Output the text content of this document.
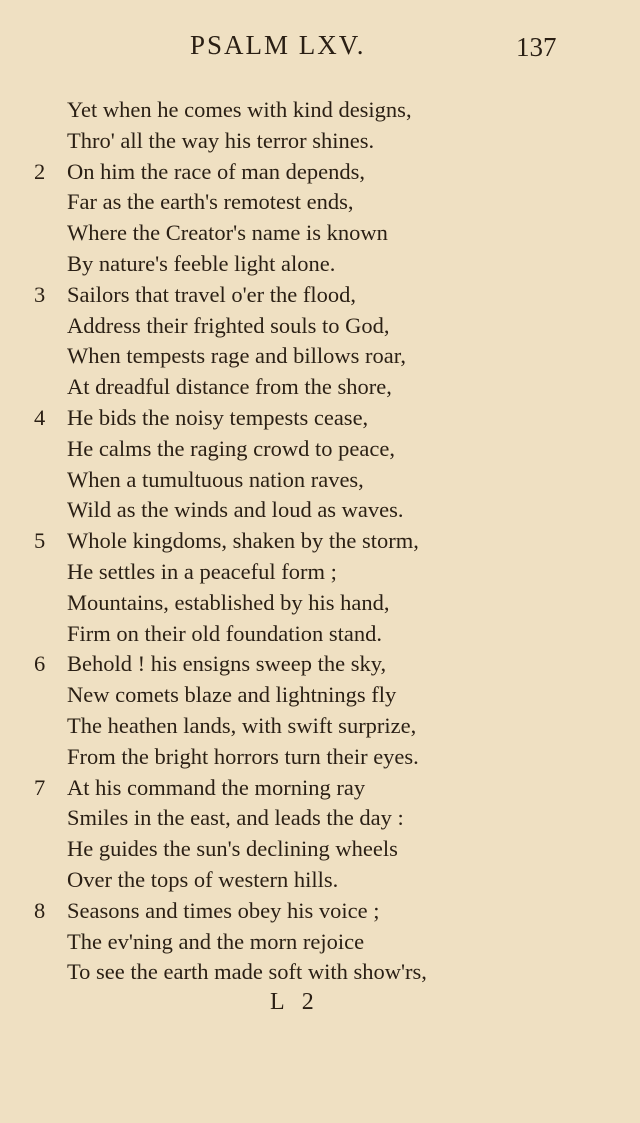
PSALM LXV.	137
Yet when he comes with kind designs,
Thro' all the way his terror shines.
2 On him the race of man depends,
Far as the earth's remotest ends,
Where the Creator's name is known
By nature's feeble light alone.
3 Sailors that travel o'er the flood,
Address their frighted souls to God,
When tempests rage and billows roar,
At dreadful distance from the shore,
4 He bids the noisy tempests cease,
He calms the raging crowd to peace,
When a tumultuous nation raves,
Wild as the winds and loud as waves.
5 Whole kingdoms, shaken by the storm,
He settles in a peaceful form ;
Mountains, established by his hand,
Firm on their old foundation stand.
6 Behold ! his ensigns sweep the sky,
New comets blaze and lightnings fly
The heathen lands, with swift surprize,
From the bright horrors turn their eyes.
7 At his command the morning ray
Smiles in the east, and leads the day :
He guides the sun's declining wheels
Over the tops of western hills.
8 Seasons and times obey his voice ;
The ev'ning and the morn rejoice
To see the earth made soft with show'rs,
L 2
